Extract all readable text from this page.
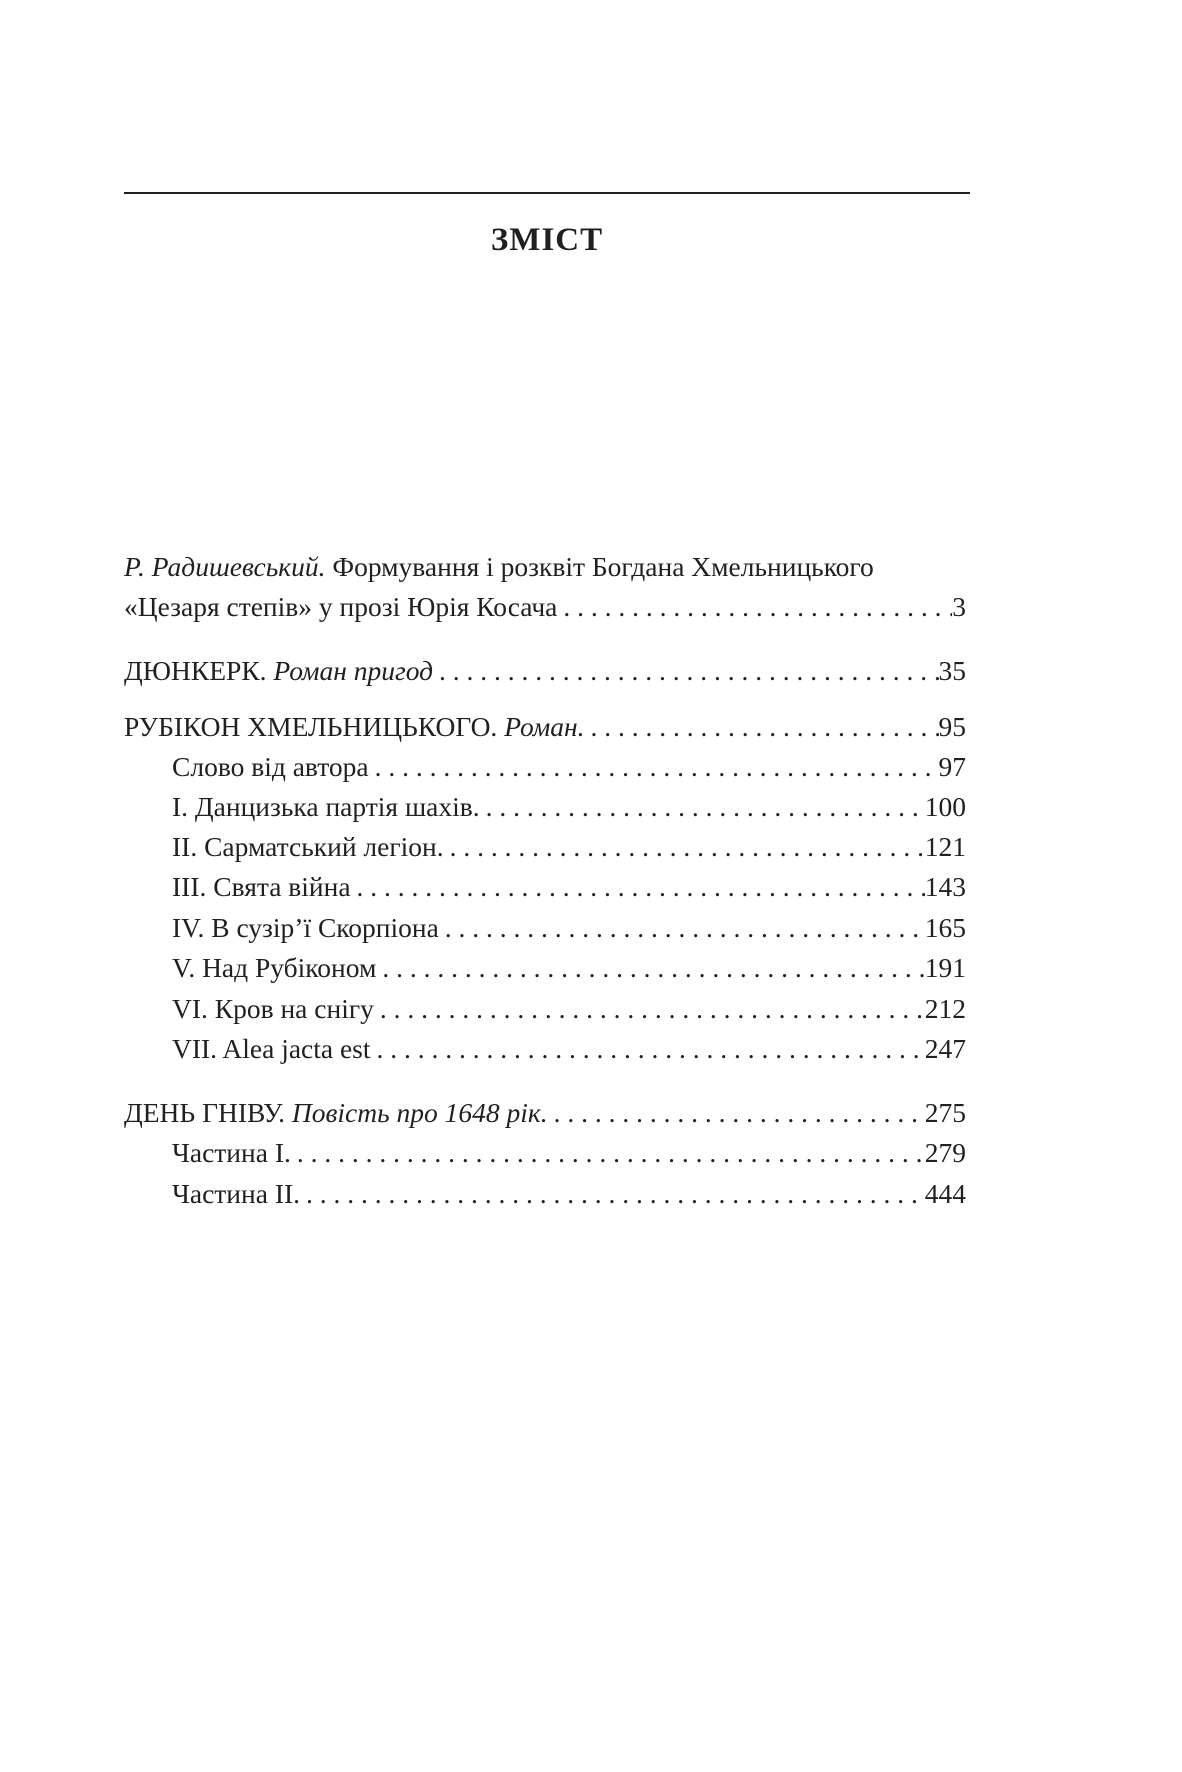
ЗМІСТ
Р. Радишевський. Формування і розквіт Богдана Хмельницького
«Цезаря степів» у прозі Юрія Косача . . .	3
ДЮНКЕРК. Роман пригод . . .	35
РУБІКОН ХМЕЛЬНИЦЬКОГО. Роман. . . .	95
Слово від автора . . .	97
І. Данцизька партія шахів. . . .	100
ІІ. Сарматський легіон. . . .	121
ІІІ. Свята війна . . .	143
IV. В сузір’ї Скорпіона . . .	165
V. Над Рубіконом . . .	191
VI. Кров на снігу . . .	212
VII. Alea jacta est . . .	247
ДЕНЬ ГНІВУ. Повість про 1648 рік. . . .	275
Частина І. . . .	279
Частина ІІ. . . .	444
